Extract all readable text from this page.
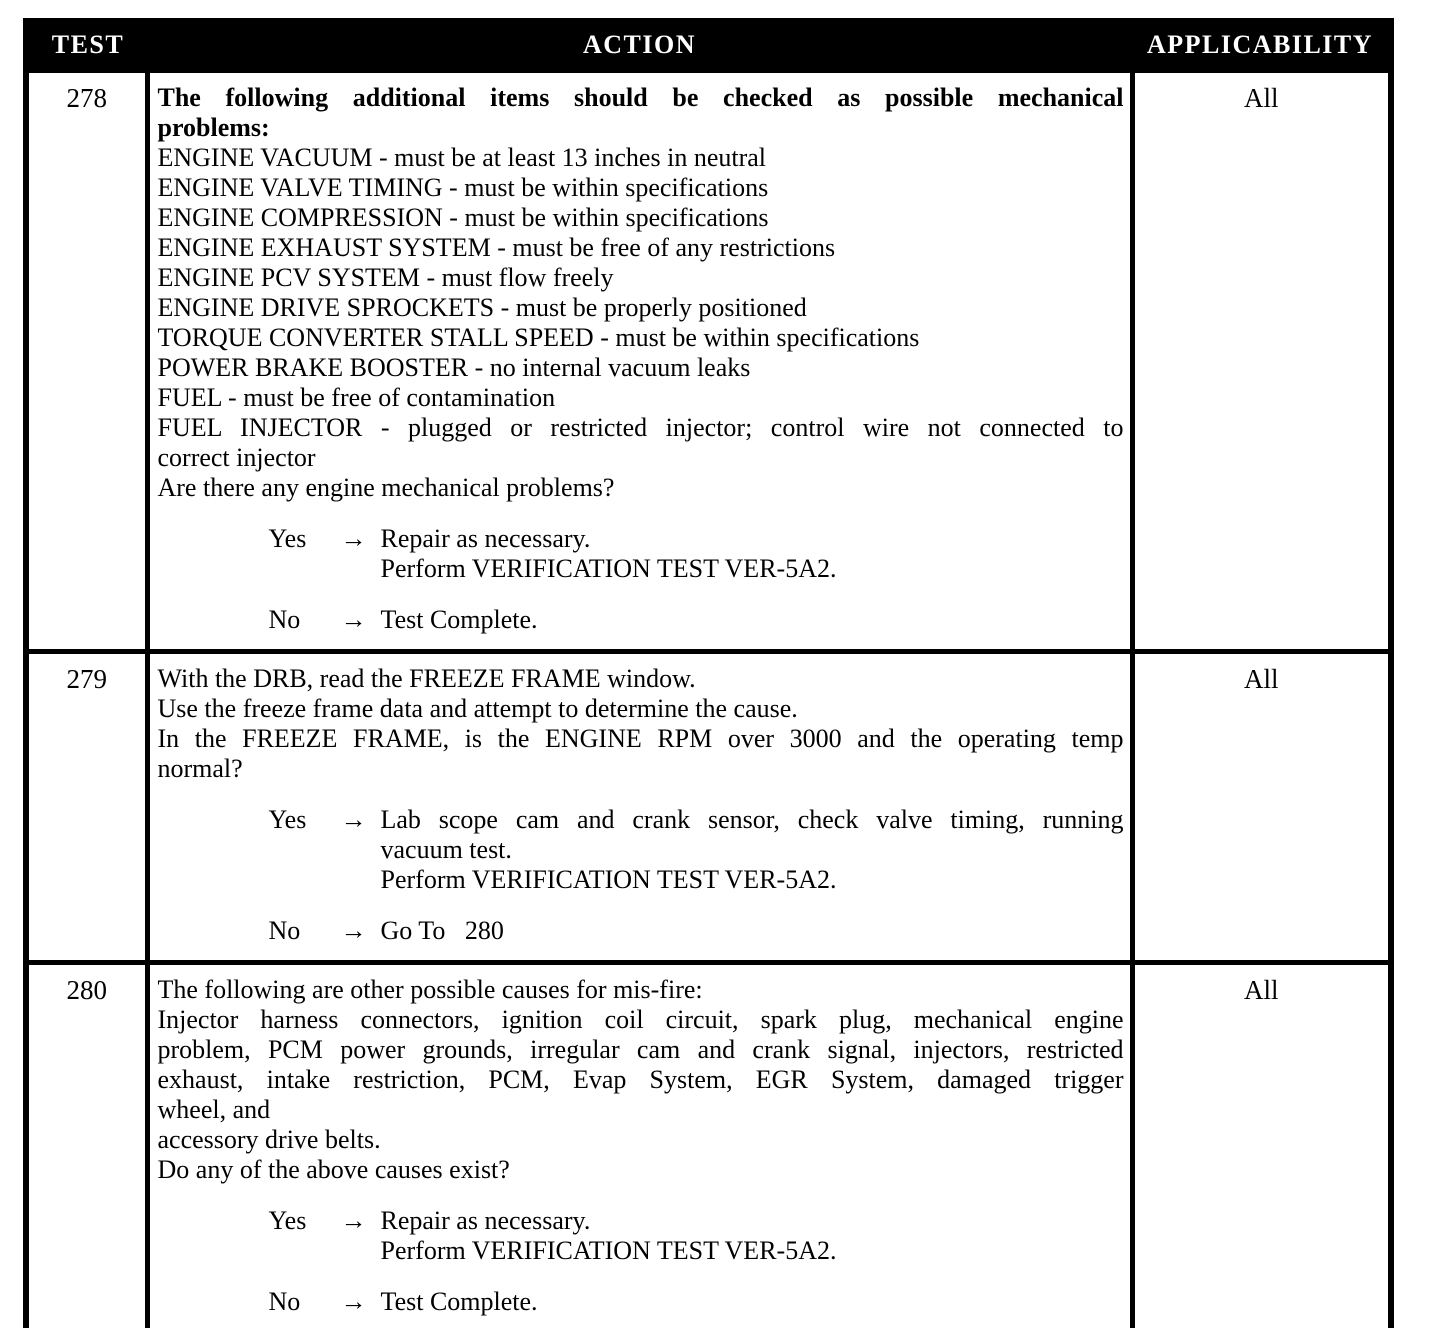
TEST	ACTION	APPLICABILITY
278	The following additional items should be checked as possible mechanical
problems:
ENGINE VACUUM - must be at least 13 inches in neutral
ENGINE VALVE TIMING - must be within specifications
ENGINE COMPRESSION - must be within specifications
ENGINE EXHAUST SYSTEM - must be free of any restrictions
ENGINE PCV SYSTEM - must flow freely
ENGINE DRIVE SPROCKETS - must be properly positioned
TORQUE CONVERTER STALL SPEED - must be within specifications
POWER BRAKE BOOSTER - no internal vacuum leaks
FUEL - must be free of contamination
FUEL INJECTOR - plugged or restricted injector; control wire not connected to
correct injector
Are there any engine mechanical problems?
Yes	→ Repair as necessary.
Perform VERIFICATION TEST VER-5A2.
No	→ Test Complete.
	All
279	With the DRB, read the FREEZE FRAME window.
Use the freeze frame data and attempt to determine the cause.
In the FREEZE FRAME, is the ENGINE RPM over 3000 and the operating temp
normal?
Yes	→ Lab scope cam and crank sensor, check valve timing, running
vacuum test.
Perform VERIFICATION TEST VER-5A2.
No	→ Go To   280
	All
280	The following are other possible causes for mis-fire:
Injector harness connectors, ignition coil circuit, spark plug, mechanical engine
problem, PCM power grounds, irregular cam and crank signal, injectors, restricted
exhaust, intake restriction, PCM, Evap System, EGR System, damaged trigger
wheel, and
accessory drive belts.
Do any of the above causes exist?
Yes	→ Repair as necessary.
Perform VERIFICATION TEST VER-5A2.
No	→ Test Complete.
	All
